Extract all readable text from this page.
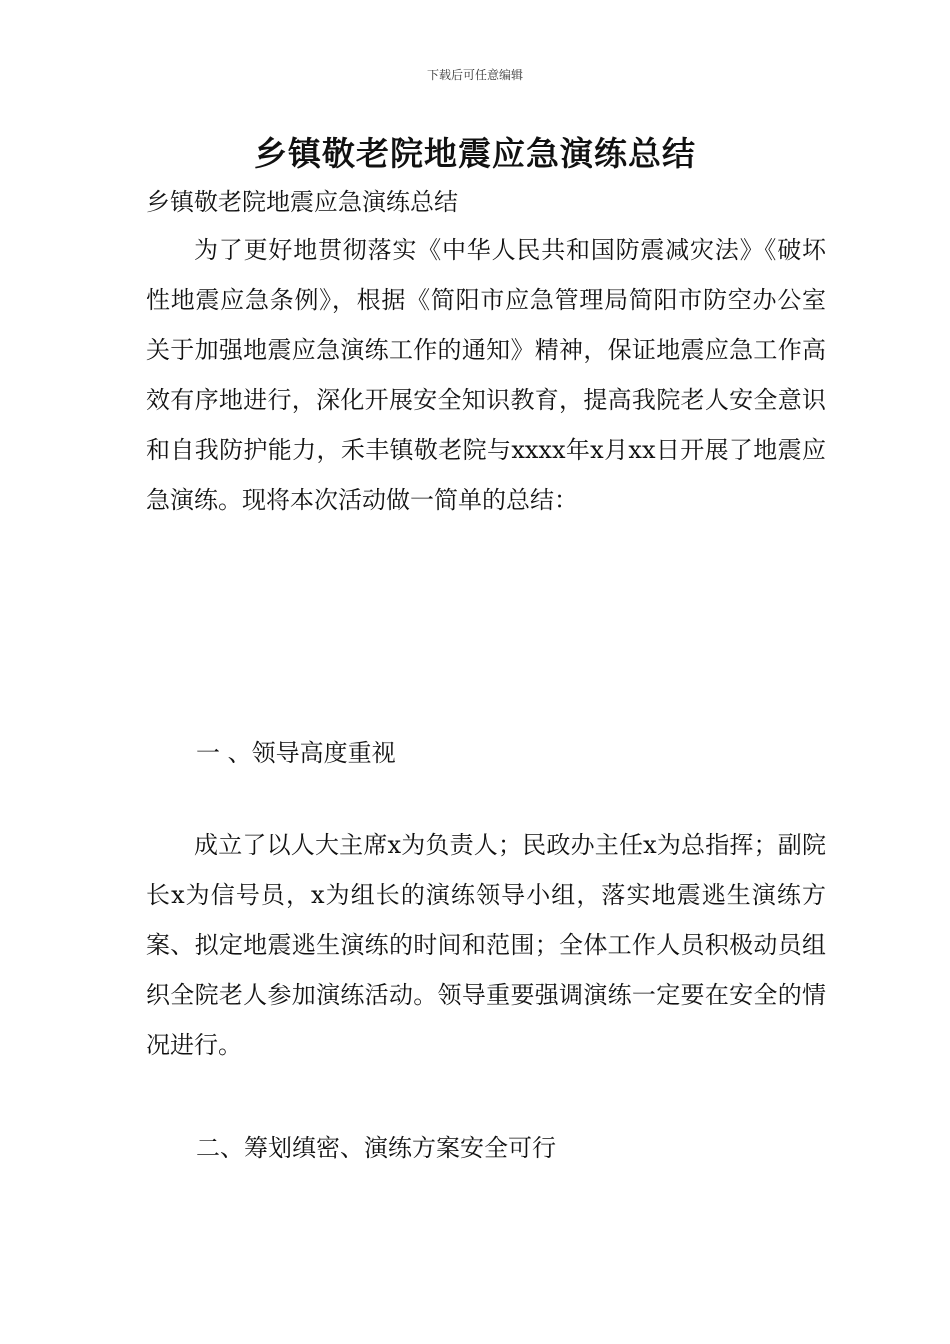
下载后可任意编辑
乡镇敬老院地震应急演练总结
乡镇敬老院地震应急演练总结
为了更好地贯彻落实《中华人民共和国防震减灾法》《破坏性地震应急条例》，根据《简阳市应急管理局简阳市防空办公室关于加强地震应急演练工作的通知》精神，保证地震应急工作高效有序地进行，深化开展安全知识教育，提高我院老人安全意识和自我防护能力，禾丰镇敬老院与xxxx年x月xx日开展了地震应急演练。现将本次活动做一简单的总结：
一 、领导高度重视
成立了以人大主席x为负责人；民政办主任x为总指挥；副院长x为信号员，x为组长的演练领导小组，落实地震逃生演练方案、拟定地震逃生演练的时间和范围；全体工作人员积极动员组织全院老人参加演练活动。领导重要强调演练一定要在安全的情况进行。
二、筹划缜密、演练方案安全可行
